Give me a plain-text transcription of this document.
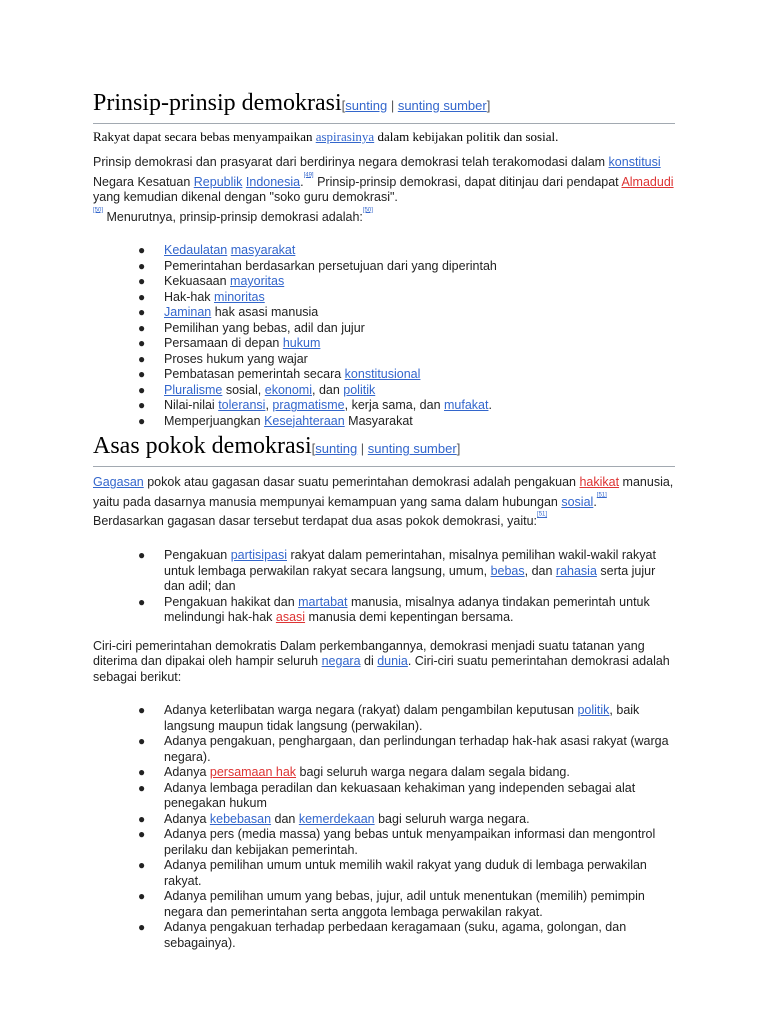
Prinsip-prinsip demokrasi[sunting | sunting sumber]

Rakyat dapat secara bebas menyampaikan aspirasinya dalam kebijakan politik dan sosial.

Prinsip demokrasi dan prasyarat dari berdirinya negara demokrasi telah terakomodasi dalam konstitusi Negara Kesatuan Republik Indonesia.[49] Prinsip-prinsip demokrasi, dapat ditinjau dari pendapat Almadudi yang kemudian dikenal dengan "soko guru demokrasi".
[50] Menurutnya, prinsip-prinsip demokrasi adalah:[50]

● Kedaulatan masyarakat
● Pemerintahan berdasarkan persetujuan dari yang diperintah
● Kekuasaan mayoritas
● Hak-hak minoritas
● Jaminan hak asasi manusia
● Pemilihan yang bebas, adil dan jujur
● Persamaan di depan hukum
● Proses hukum yang wajar
● Pembatasan pemerintah secara konstitusional
● Pluralisme sosial, ekonomi, dan politik
● Nilai-nilai toleransi, pragmatisme, kerja sama, dan mufakat.
● Memperjuangkan Kesejahteraan Masyarakat
Asas pokok demokrasi[sunting | sunting sumber]

Gagasan pokok atau gagasan dasar suatu pemerintahan demokrasi adalah pengakuan hakikat manusia, yaitu pada dasarnya manusia mempunyai kemampuan yang sama dalam hubungan sosial.[51] Berdasarkan gagasan dasar tersebut terdapat dua asas pokok demokrasi, yaitu:[51]

● Pengakuan partisipasi rakyat dalam pemerintahan, misalnya pemilihan wakil-wakil rakyat untuk lembaga perwakilan rakyat secara langsung, umum, bebas, dan rahasia serta jujur dan adil; dan
● Pengakuan hakikat dan martabat manusia, misalnya adanya tindakan pemerintah untuk melindungi hak-hak asasi manusia demi kepentingan bersama.

Ciri-ciri pemerintahan demokratis Dalam perkembangannya, demokrasi menjadi suatu tatanan yang diterima dan dipakai oleh hampir seluruh negara di dunia. Ciri-ciri suatu pemerintahan demokrasi adalah sebagai berikut:

● Adanya keterlibatan warga negara (rakyat) dalam pengambilan keputusan politik, baik langsung maupun tidak langsung (perwakilan).
● Adanya pengakuan, penghargaan, dan perlindungan terhadap hak-hak asasi rakyat (warga negara).
● Adanya persamaan hak bagi seluruh warga negara dalam segala bidang.
● Adanya lembaga peradilan dan kekuasaan kehakiman yang independen sebagai alat penegakan hukum
● Adanya kebebasan dan kemerdekaan bagi seluruh warga negara.
● Adanya pers (media massa) yang bebas untuk menyampaikan informasi dan mengontrol perilaku dan kebijakan pemerintah.
● Adanya pemilihan umum untuk memilih wakil rakyat yang duduk di lembaga perwakilan rakyat.
● Adanya pemilihan umum yang bebas, jujur, adil untuk menentukan (memilih) pemimpin negara dan pemerintahan serta anggota lembaga perwakilan rakyat.
● Adanya pengakuan terhadap perbedaan keragamaan (suku, agama, golongan, dan sebagainya).
